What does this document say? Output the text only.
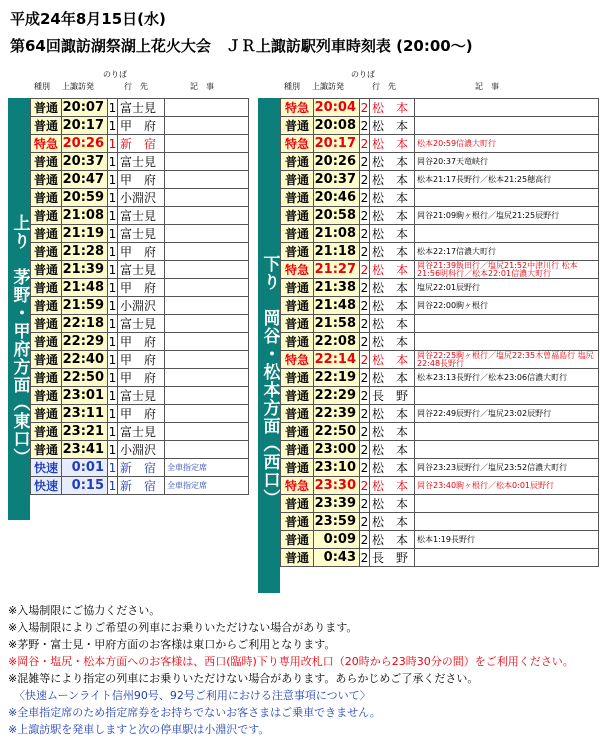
平成24年8月15日(水)
第64回諏訪湖祭湖上花火大会　ＪＲ上諏訪駅列車時刻表 (20:00～)
のりば
種別 上諏訪発	行　先	記　事
のりば
種別 上諏訪発	行　先	記　事
上り　茅野・甲府方面（東口）	下り　岡谷・松本方面（西口）
普通	20:07	1	富士見	
普通	20:17	1	甲　府	
特急	20:26	1	新　宿	
普通	20:37	1	富士見	
普通	20:47	1	甲　府	
普通	20:59	1	小淵沢	
普通	21:08	1	富士見	
普通	21:19	1	富士見	
普通	21:28	1	甲　府	
普通	21:39	1	富士見	
普通	21:48	1	甲　府	
普通	21:59	1	小淵沢	
普通	22:18	1	富士見	
普通	22:29	1	甲　府	
普通	22:40	1	甲　府	
普通	22:50	1	甲　府	
普通	23:01	1	富士見	
普通	23:11	1	甲　府	
普通	23:21	1	富士見	
普通	23:41	1	小淵沢	
快速	0:01	1	新　宿	全車指定席
快速	0:15	1	新　宿	全車指定席
特急	20:04	2	松　本	
普通	20:08	2	松　本	
特急	20:17	2	松　本	松本20:59信濃大町行
普通	20:26	2	松　本	岡谷20:37天竜峡行
普通	20:37	2	松　本	松本21:17長野行／松本21:25穂高行
普通	20:46	2	松　本	
普通	20:58	2	松　本	岡谷21:09駒ヶ根行／塩尻21:25辰野行
普通	21:08	2	松　本	
普通	21:18	2	松　本	松本22:17信濃大町行
特急	21:27	2	松　本	岡谷21:39飯田行／塩尻21:52中津川行 松本21:56明科行／松本22:01信濃大町行
普通	21:38	2	松　本	塩尻22:01辰野行
普通	21:48	2	松　本	岡谷22:00駒ヶ根行
普通	21:58	2	松　本	
普通	22:08	2	松　本	
特急	22:14	2	松　本	岡谷22:25駒ヶ根行／塩尻22:35木曽福島行 塩尻22:48長野行
普通	22:19	2	松　本	松本23:13長野行／松本23:06信濃大町行
普通	22:29	2	長　野	
普通	22:39	2	松　本	岡谷22:49辰野行／塩尻23:02辰野行
普通	22:50	2	松　本	
普通	23:00	2	松　本	
普通	23:10	2	松　本	岡谷23:23辰野行／塩尻23:52信濃大町行
特急	23:30	2	松　本	岡谷23:40駒ヶ根行／松本0:01辰野行
普通	23:39	2	松　本	
普通	23:59	2	松　本	
普通	0:09	2	松　本	松本1:19長野行
普通	0:43	2	長　野	
※入場制限にご協力ください。
※入場制限によりご希望の列車にお乗りいただけない場合があります。
※茅野・富士見・甲府方面のお客様は東口からご利用となります。
※岡谷・塩尻・松本方面へのお客様は、西口(臨時)下り専用改札口（20時から23時30分の間）をご利用ください。
※混雑等により指定の列車にお乗りいただけない場合があります。あらかじめご了承ください。
〈快速ムーンライト信州90号、92号ご利用における注意事項について〉
※全車指定席のため指定席券をお持ちでないお客さまはご乗車できません。
※上諏訪駅を発車しますと次の停車駅は小淵沢です。
